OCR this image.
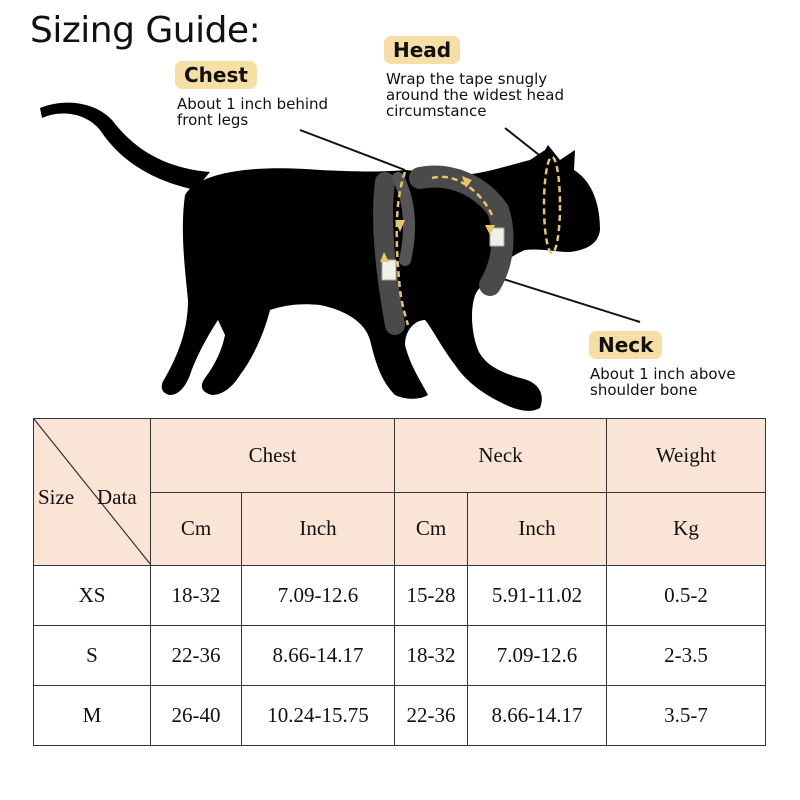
Sizing Guide:
Chest
About 1 inch behind
front legs
Head
Wrap the tape snugly
around the widest head
circumstance
Neck
About 1 inch above
shoulder bone
Size Data	Chest		Neck		Weight
	Cm	Inch	Cm	Inch	Kg
XS	18-32	7.09-12.6	15-28	5.91-11.02	0.5-2
S	22-36	8.66-14.17	18-32	7.09-12.6	2-3.5
M	26-40	10.24-15.75	22-36	8.66-14.17	3.5-7
